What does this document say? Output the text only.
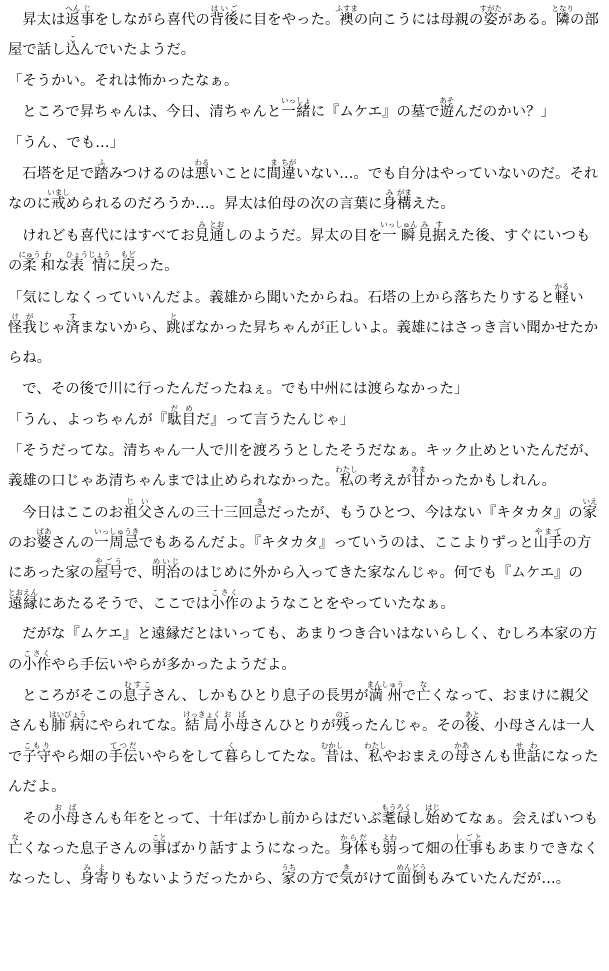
昇太は返へん事じをしながら喜代の背後はいごに目をやった。襖ふすまの向こうには母親の姿すがたがある。隣となりの部屋で話し込こんでいたようだ。

「そうかい。それは怖かったなぁ。

ところで昇ちゃんは、今日、清ちゃんと一緒いっしょに『ムケエ』の墓で遊あそんだのかい？」

「うん、でも…」

石塔を足で踏ふみつけるのは悪わるいことに間ま違ちがいない…。でも自分はやっていないのだ。それなのに戒いましめられるのだろうか…。昇太は伯母の次の言葉に身み構がまえた。

けれども喜代にはすべてお見み通とおしのようだ。昇太の目を一瞬いっしゅん見み据すえた後、すぐにいつもの柔にゅう和わな表情ひょうじょうに戻もどった。

「気にしなくっていいんだよ。義雄から聞いたからね。石塔の上から落ちたりすると軽かるい怪我けがじゃ済すまないから、跳とばなかった昇ちゃんが正しいよ。義雄にはさっき言い聞かせたからね。

で、その後で川に行ったんだったねぇ。でも中州には渡らなかった」

「うん、よっちゃんが『駄目だめだ』って言うたんじゃ」

「そうだってな。清ちゃん一人で川を渡ろうとしたそうだなぁ。キック止めといたんだが、義雄の口じゃあ清ちゃんまでは止められなかった。私わたしの考えが甘あまかったかもしれん。

今日はここのお祖父じいさんの三十三回忌きだったが、もうひとつ、今はない『キタカタ』の家いえのお婆ばあさんの一周忌いっしゅうきでもあるんだよ。『キタカタ』っていうのは、ここよりずっと山手やまての方にあった家の屋号やごうで、明治めいじのはじめに外から入ってきた家なんじゃ。何でも『ムケエ』の遠縁とおえんにあたるそうで、ここでは小作こさくのようなことをやっていたなぁ。

だがな『ムケエ』と遠縁だとはいっても、あまりつき合いはないらしく、むしろ本家の方の小作こさくやら手伝いやらが多かったようだよ。

ところがそこの息子むすこさん、しかもひとり息子の長男が満州まんしゅうで亡なくなって、おまけに親父さんも肺病はいびょうにやられてな。結局けっきょく小母おばさんひとりが残のこったんじゃ。その後あと、小母さんは一人で子守こもりやら畑の手伝てつだいやらをして暮くらしてたな。昔むかしは、私わたしやおまえの母かあさんも世話せわになったんだよ。

その小母おばさんも年をとって、十年ばかし前からはだいぶ耄碌もうろくし始はじめてなぁ。会えばいつも亡なくなった息子さんの事ことばかり話すようになった。身体からだも弱よわって畑の仕事しごともあまりできなくなったし、身寄みよりもないようだったから、家うちの方で気きがけて面倒めんどうもみていたんだが…。
